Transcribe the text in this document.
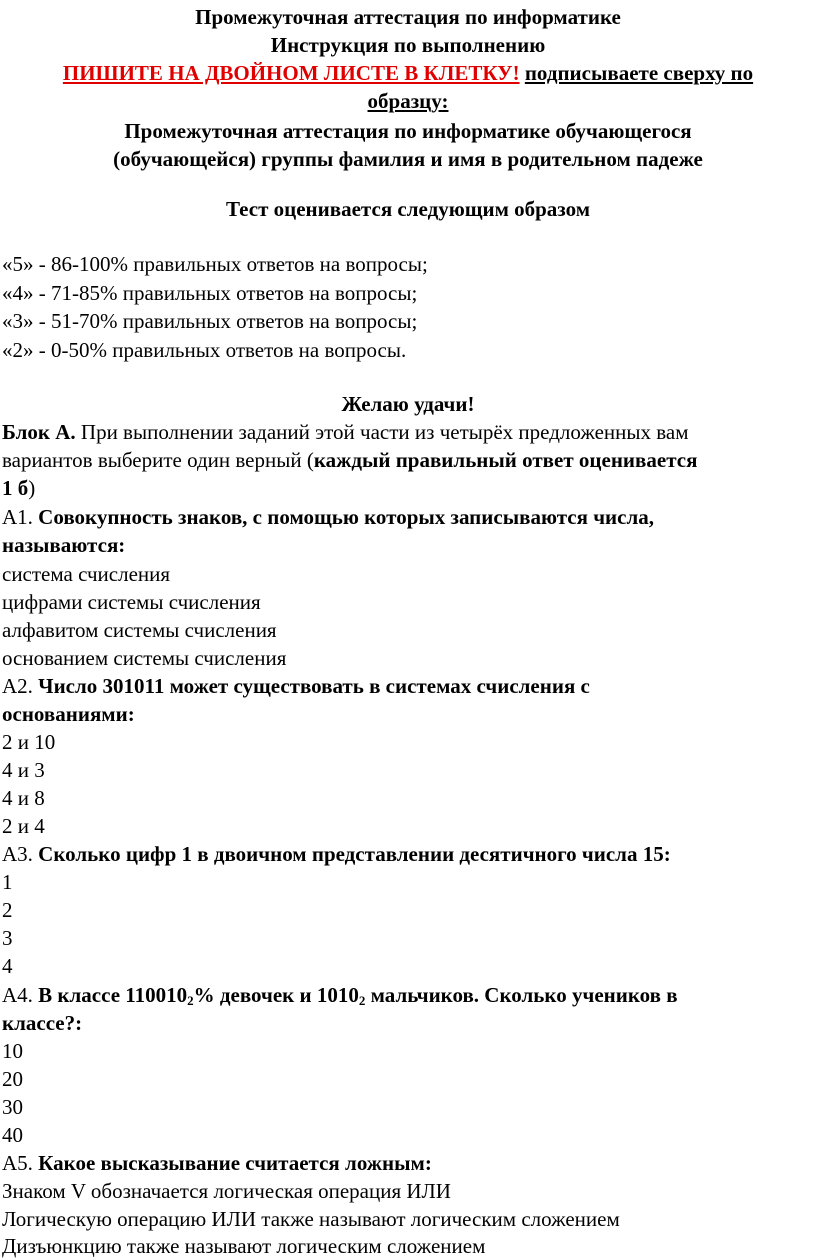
Промежуточная аттестация по информатике
Инструкция по выполнению
ПИШИТЕ НА ДВОЙНОМ ЛИСТЕ В КЛЕТКУ! подписываете сверху по
образцу:
Промежуточная аттестация по информатике обучающегося
(обучающейся) группы фамилия и имя в родительном падеже
Тест оценивается следующим образом
«5» - 86-100% правильных ответов на вопросы;
«4» - 71-85% правильных ответов на вопросы;
«3» - 51-70% правильных ответов на вопросы;
«2» - 0-50% правильных ответов на вопросы.
Желаю удачи!
Блок А. При выполнении заданий этой части из четырёх предложенных вам
вариантов выберите один верный (каждый правильный ответ оценивается
1 б)
А1. Совокупность знаков, с помощью которых записываются числа,
называются:
система счисления
цифрами системы счисления
алфавитом системы счисления
основанием системы счисления
А2. Число 301011 может существовать в системах счисления с
основаниями:
2 и 10
4 и 3
4 и 8
2 и 4
А3. Сколько цифр 1 в двоичном представлении десятичного числа 15:
1
2
3
4
А4. В классе $110010_2\%$ девочек и $1010_2$ мальчиков. Сколько учеников в
классе?:
10
20
30
40
А5. Какое высказывание считается ложным:
Знаком V обозначается логическая операция ИЛИ
Логическую операцию ИЛИ также называют логическим сложением
Дизъюнкцию также называют логическим сложением
